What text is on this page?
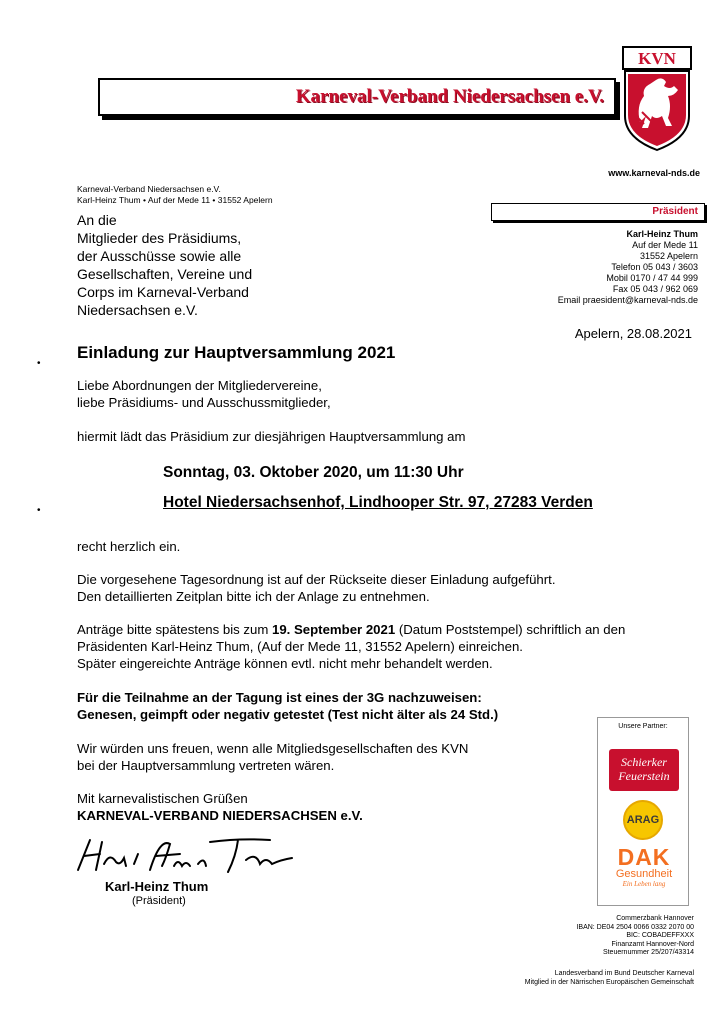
Karneval-Verband Niedersachsen e.V.
KVN
www.karneval-nds.de
Karneval-Verband Niedersachsen e.V.
Karl-Heinz Thum • Auf der Mede 11 • 31552 Apelern
An die
Mitglieder des Präsidiums,
der Ausschüsse sowie alle
Gesellschaften, Vereine und
Corps im Karneval-Verband
Niedersachsen e.V.
Präsident
Karl-Heinz Thum
Auf der Mede 11
31552 Apelern
Telefon 05 043 / 3603
Mobil 0170 / 47 44 999
Fax 05 043 / 962 069
Email praesident@karneval-nds.de
Apelern, 28.08.2021
•
•
Einladung zur Hauptversammlung 2021
Liebe Abordnungen der Mitgliedervereine,
liebe Präsidiums- und Ausschussmitglieder,
hiermit lädt das Präsidium zur diesjährigen Hauptversammlung am
Sonntag, 03. Oktober 2020, um 11:30 Uhr
Hotel Niedersachsenhof, Lindhooper Str. 97, 27283 Verden
recht herzlich ein.
Die vorgesehene Tagesordnung ist auf der Rückseite dieser Einladung aufgeführt.
Den detaillierten Zeitplan bitte ich der Anlage zu entnehmen.
Anträge bitte spätestens bis zum 19. September 2021 (Datum Poststempel) schriftlich an den
Präsidenten Karl-Heinz Thum, (Auf der Mede 11, 31552 Apelern) einreichen.
Später eingereichte Anträge können evtl. nicht mehr behandelt werden.
Für die Teilnahme an der Tagung ist eines der 3G nachzuweisen:
Genesen, geimpft oder negativ getestet (Test nicht älter als 24 Std.)
Wir würden uns freuen, wenn alle Mitgliedsgesellschaften des KVN
bei der Hauptversammlung vertreten wären.
Mit karnevalistischen Grüßen
KARNEVAL-VERBAND NIEDERSACHSEN e.V.
Karl-Heinz Thum
(Präsident)
Unsere Partner:
Schierker
Feuerstein
ARAG
DAK
Gesundheit
Ein Leben lang
Commerzbank Hannover
IBAN: DE04 2504 0066 0332 2070 00
BIC: COBADEFFXXX
Finanzamt Hannover-Nord
Steuernummer 25/207/43314
Landesverband im Bund Deutscher Karneval
Mitglied in der Närrischen Europäischen Gemeinschaft
